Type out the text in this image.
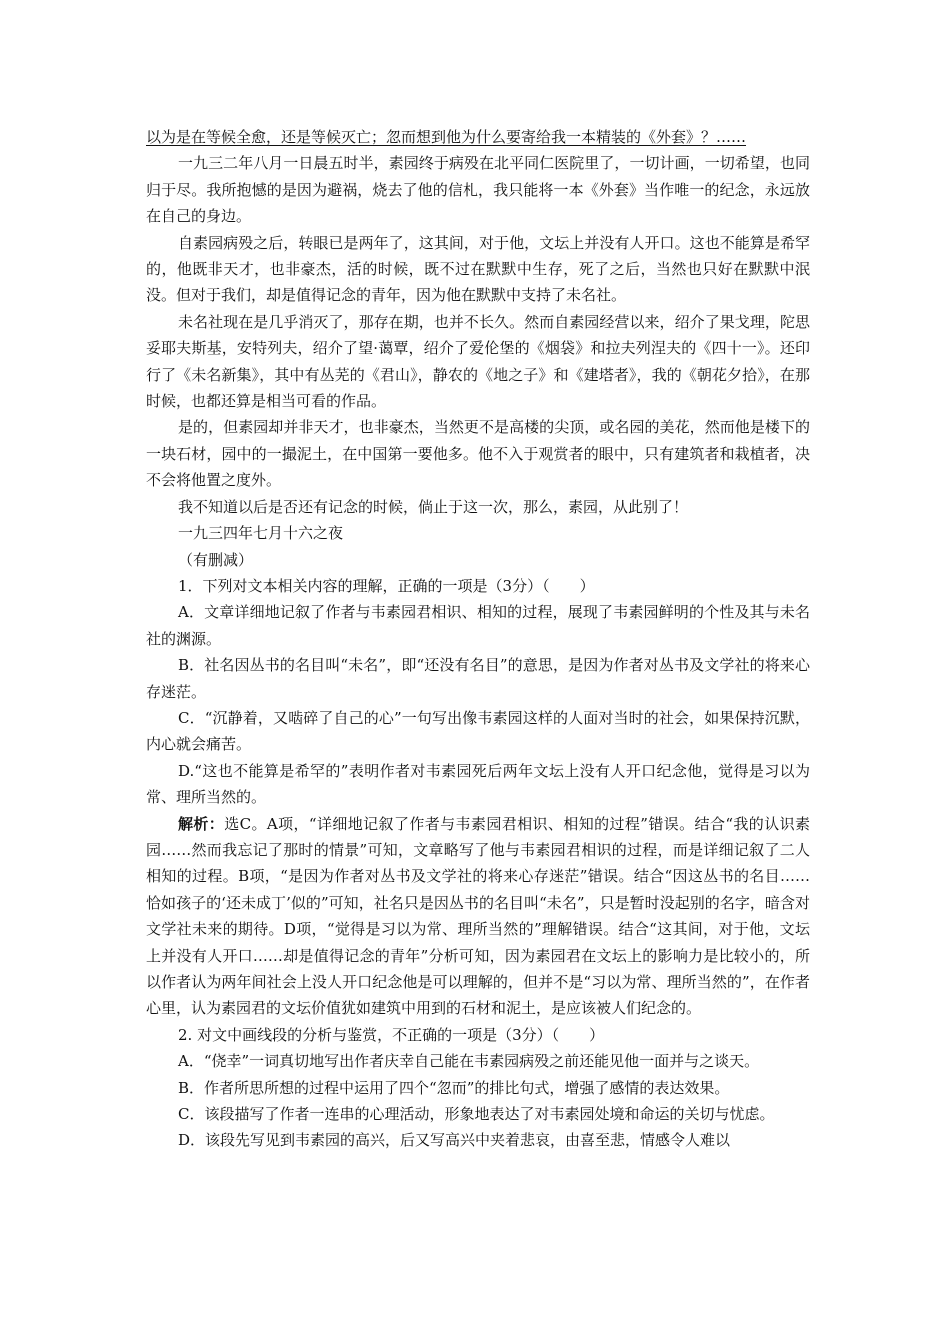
以为是在等候全愈，还是等候灭亡；忽而想到他为什么要寄给我一本精装的《外套》？……

一九三二年八月一日晨五时半，素园终于病殁在北平同仁医院里了，一切计画，一切希望，也同归于尽。我所抱憾的是因为避祸，烧去了他的信札，我只能将一本《外套》当作唯一的纪念，永远放在自己的身边。

自素园病殁之后，转眼已是两年了，这其间，对于他，文坛上并没有人开口。这也不能算是希罕的，他既非天才，也非豪杰，活的时候，既不过在默默中生存，死了之后，当然也只好在默默中泯没。但对于我们，却是值得记念的青年，因为他在默默中支持了未名社。

未名社现在是几乎消灭了，那存在期，也并不长久。然而自素园经营以来，绍介了果戈理，陀思妥耶夫斯基，安特列夫，绍介了望·蔼覃，绍介了爱伦堡的《烟袋》和拉夫列涅夫的《四十一》。还印行了《未名新集》，其中有丛芜的《君山》，静农的《地之子》和《建塔者》，我的《朝花夕拾》，在那时候，也都还算是相当可看的作品。

是的，但素园却并非天才，也非豪杰，当然更不是高楼的尖顶，或名园的美花，然而他是楼下的一块石材，园中的一撮泥土，在中国第一要他多。他不入于观赏者的眼中，只有建筑者和栽植者，决不会将他置之度外。

我不知道以后是否还有记念的时候，倘止于这一次，那么，素园，从此别了！

一九三四年七月十六之夜

（有删减）

1．下列对文本相关内容的理解，正确的一项是（3分）（　　）

A．文章详细地记叙了作者与韦素园君相识、相知的过程，展现了韦素园鲜明的个性及其与未名社的渊源。

B．社名因丛书的名目叫“未名”，即“还没有名目”的意思，是因为作者对丛书及文学社的将来心存迷茫。

C．“沉静着，又啮碎了自己的心”一句写出像韦素园这样的人面对当时的社会，如果保持沉默，内心就会痛苦。

D.“这也不能算是希罕的”表明作者对韦素园死后两年文坛上没有人开口纪念他，觉得是习以为常、理所当然的。

解析：选C。A项，“详细地记叙了作者与韦素园君相识、相知的过程”错误。结合“我的认识素园……然而我忘记了那时的情景”可知，文章略写了他与韦素园君相识的过程，而是详细记叙了二人相知的过程。B项，“是因为作者对丛书及文学社的将来心存迷茫”错误。结合“因这丛书的名目……恰如孩子的‘还未成丁’似的”可知，社名只是因丛书的名目叫“未名”，只是暂时没起别的名字，暗含对文学社未来的期待。D项，“觉得是习以为常、理所当然的”理解错误。结合“这其间，对于他，文坛上并没有人开口……却是值得记念的青年”分析可知，因为素园君在文坛上的影响力是比较小的，所以作者认为两年间社会上没人开口纪念他是可以理解的，但并不是“习以为常、理所当然的”，在作者心里，认为素园君的文坛价值犹如建筑中用到的石材和泥土，是应该被人们纪念的。

2. 对文中画线段的分析与鉴赏，不正确的一项是（3分）（　　）

A．“侥幸”一词真切地写出作者庆幸自己能在韦素园病殁之前还能见他一面并与之谈天。

B．作者所思所想的过程中运用了四个“忽而”的排比句式，增强了感情的表达效果。

C．该段描写了作者一连串的心理活动，形象地表达了对韦素园处境和命运的关切与忧虑。

D．该段先写见到韦素园的高兴，后又写高兴中夹着悲哀，由喜至悲，情感令人难以
